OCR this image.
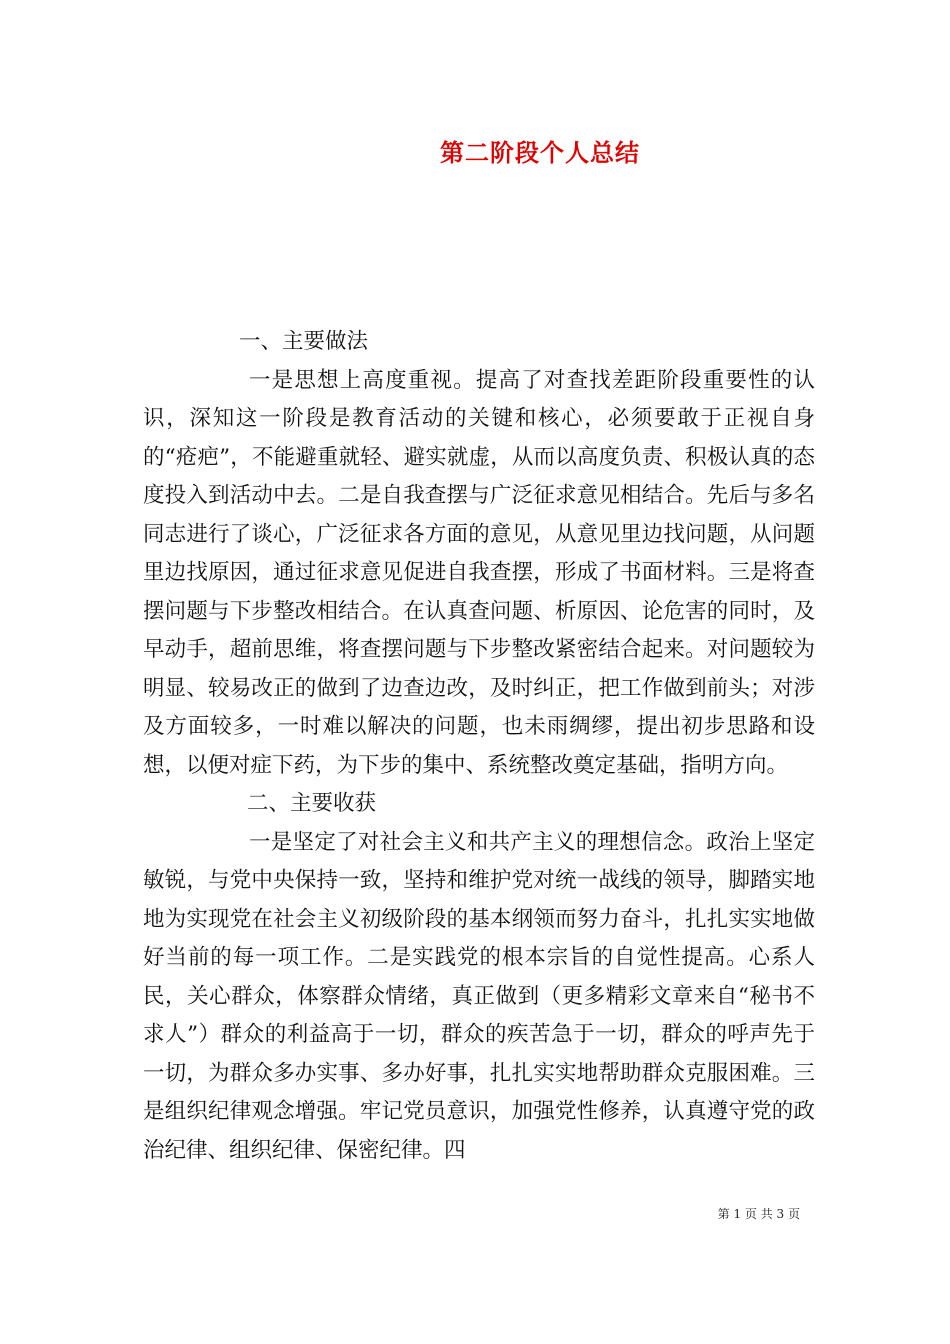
第二阶段个人总结
一、主要做法

一是思想上高度重视。提高了对查找差距阶段重要性的认识，深知这一阶段是教育活动的关键和核心，必须要敢于正视自身的“疮疤”，不能避重就轻、避实就虚，从而以高度负责、积极认真的态度投入到活动中去。二是自我查摆与广泛征求意见相结合。先后与多名同志进行了谈心，广泛征求各方面的意见，从意见里边找问题，从问题里边找原因，通过征求意见促进自我查摆，形成了书面材料。三是将查摆问题与下步整改相结合。在认真查问题、析原因、论危害的同时，及早动手，超前思维，将查摆问题与下步整改紧密结合起来。对问题较为明显、较易改正的做到了边查边改，及时纠正，把工作做到前头；对涉及方面较多，一时难以解决的问题，也未雨绸缪，提出初步思路和设想，以便对症下药，为下步的集中、系统整改奠定基础，指明方向。

二、主要收获

一是坚定了对社会主义和共产主义的理想信念。政治上坚定敏锐，与党中央保持一致，坚持和维护党对统一战线的领导，脚踏实地地为实现党在社会主义初级阶段的基本纲领而努力奋斗，扎扎实实地做好当前的每一项工作。二是实践党的根本宗旨的自觉性提高。心系人民，关心群众，体察群众情绪，真正做到（更多精彩文章来自“秘书不求人”）群众的利益高于一切，群众的疾苦急于一切，群众的呼声先于一切，为群众多办实事、多办好事，扎扎实实地帮助群众克服困难。三是组织纪律观念增强。牢记党员意识，加强党性修养，认真遵守党的政治纪律、组织纪律、保密纪律。四

第 1 页 共 3 页
